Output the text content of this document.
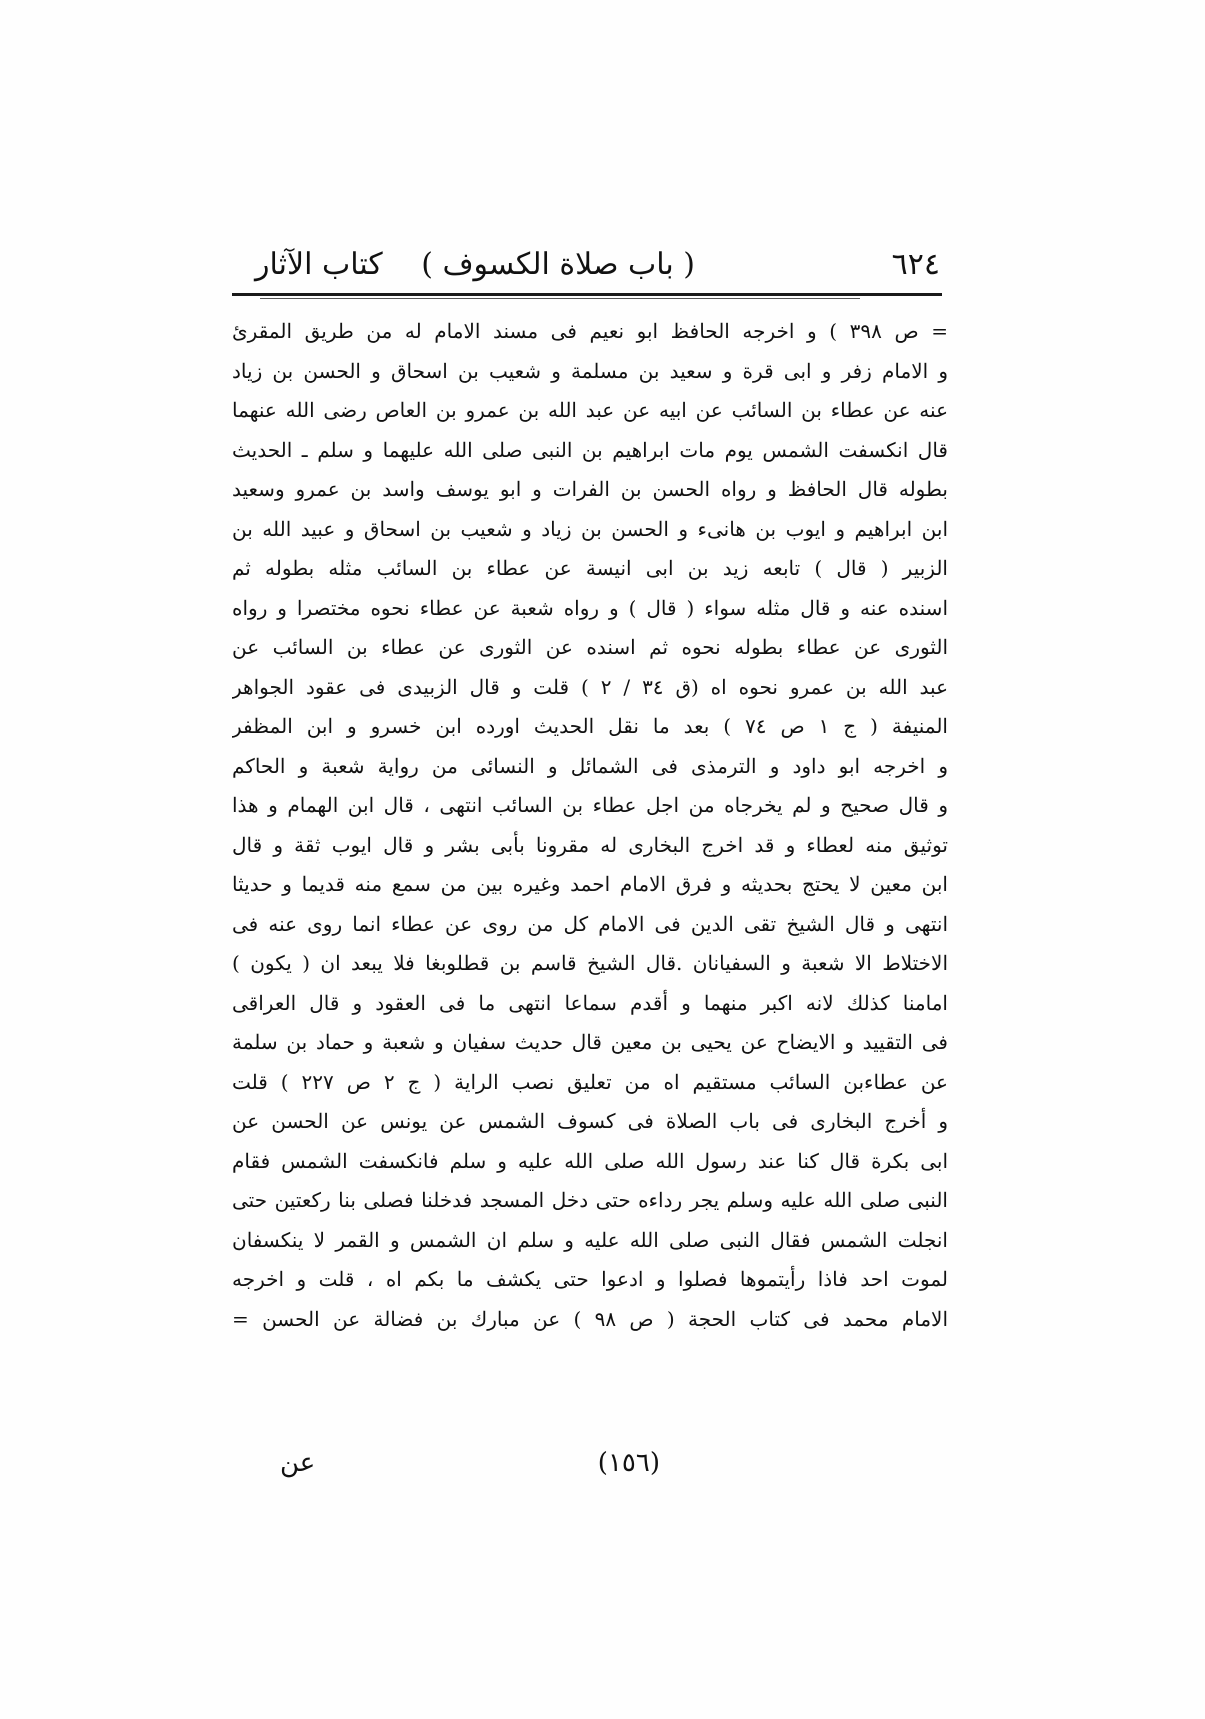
٦٢٤
( باب صلاة الكسوف )
كتاب الآثار
= ص ٣٩٨ ) و اخرجه الحافظ ابو نعيم فى مسند الامام له من طريق المقرئ
و الامام زفر و ابى قرة و سعيد بن مسلمة و شعيب بن اسحاق و الحسن بن زياد
عنه عن عطاء بن السائب عن ابيه عن عبد الله بن عمرو بن العاص رضى الله عنهما
قال انكسفت الشمس يوم مات ابراهيم بن النبى صلى الله عليهما و سلم ـ الحديث
بطوله قال الحافظ و رواه الحسن بن الفرات و ابو يوسف واسد بن عمرو وسعيد
ابن ابراهيم و ايوب بن هانىء و الحسن بن زياد و شعيب بن اسحاق و عبيد الله بن
الزبير ( قال ) تابعه زيد بن ابى انيسة عن عطاء بن السائب مثله بطوله ثم
اسنده عنه و قال مثله سواء ( قال ) و رواه شعبة عن عطاء نحوه مختصرا و رواه
الثورى عن عطاء بطوله نحوه ثم اسنده عن الثورى عن عطاء بن السائب عن
عبد الله بن عمرو نحوه اه (ق ٣٤ / ٢ ) قلت و قال الزبيدى فى عقود الجواهر
المنيفة ( ج ١ ص ٧٤ ) بعد ما نقل الحديث اورده ابن خسرو و ابن المظفر
و اخرجه ابو داود و الترمذى فى الشمائل و النسائى من رواية شعبة و الحاكم
و قال صحيح و لم يخرجاه من اجل عطاء بن السائب انتهى ، قال ابن الهمام و هذا
توثيق منه لعطاء و قد اخرج البخارى له مقرونا بأبى بشر و قال ايوب ثقة و قال
ابن معين لا يحتج بحديثه و فرق الامام احمد وغيره بين من سمع منه قديما و حديثا
انتهى و قال الشيخ تقى الدين فى الامام كل من روى عن عطاء انما روى عنه فى
الاختلاط الا شعبة و السفيانان .قال الشيخ قاسم بن قطلوبغا فلا يبعد ان ( يكون )
امامنا كذلك لانه اكبر منهما و أقدم سماعا انتهى ما فى العقود و قال العراقى
فى التقييد و الايضاح عن يحيى بن معين قال حديث سفيان و شعبة و حماد بن سلمة
عن عطاءبن السائب مستقيم اه من تعليق نصب الراية ( ج ٢ ص ٢٢٧ ) قلت
و أخرج البخارى فى باب الصلاة فى كسوف الشمس عن يونس عن الحسن عن
ابى بكرة قال كنا عند رسول الله صلى الله عليه و سلم فانكسفت الشمس فقام
النبى صلى الله عليه وسلم يجر رداءه حتى دخل المسجد فدخلنا فصلى بنا ركعتين حتى
انجلت الشمس فقال النبى صلى الله عليه و سلم ان الشمس و القمر لا ينكسفان
لموت احد فاذا رأيتموها فصلوا و ادعوا حتى يكشف ما بكم اه ، قلت و اخرجه
الامام محمد فى كتاب الحجة ( ص ٩٨ ) عن مبارك بن فضالة عن الحسن =
(١٥٦)
عن
